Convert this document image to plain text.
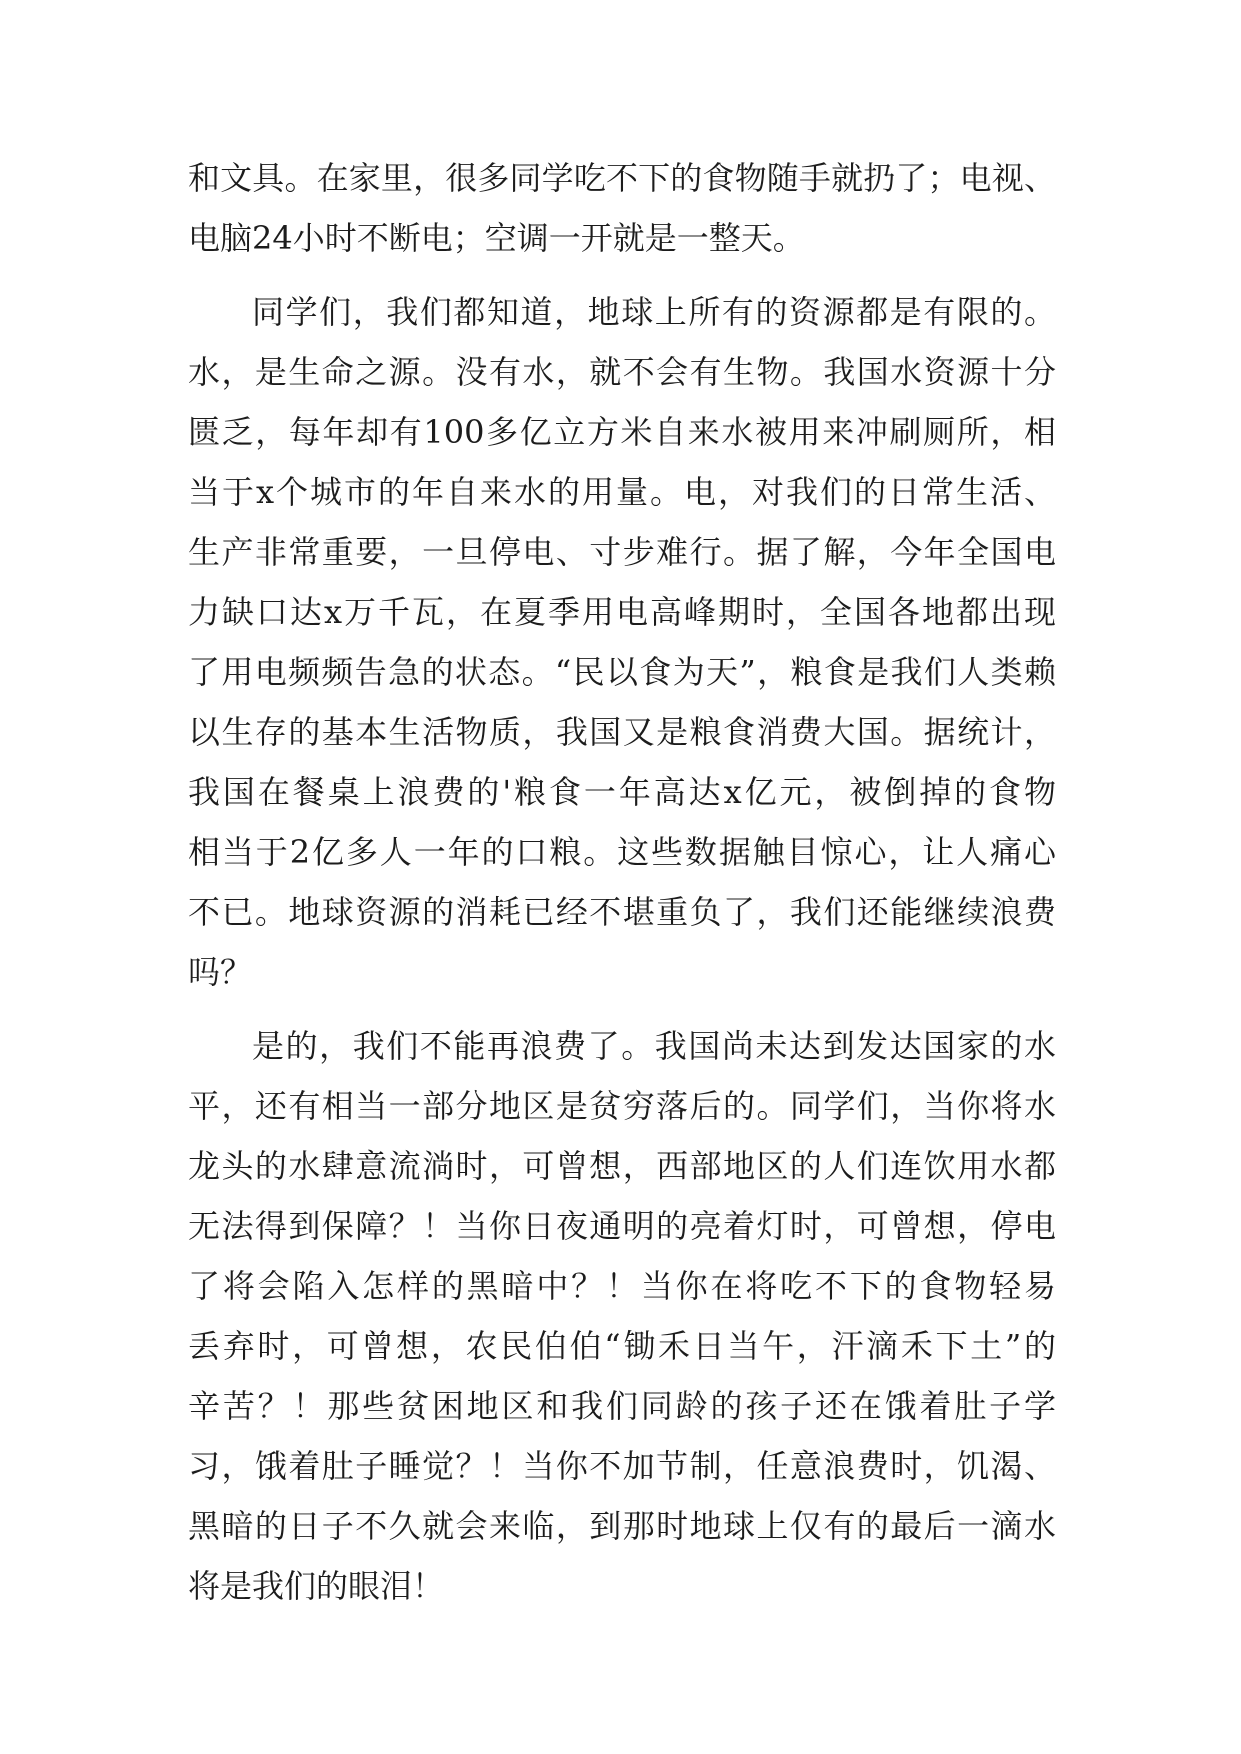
和文具。在家里，很多同学吃不下的食物随手就扔了；电视、
电脑24小时不断电；空调一开就是一整天。
同学们，我们都知道，地球上所有的资源都是有限的。
水，是生命之源。没有水，就不会有生物。我国水资源十分
匮乏，每年却有100多亿立方米自来水被用来冲刷厕所，相
当于x个城市的年自来水的用量。电，对我们的日常生活、
生产非常重要，一旦停电、寸步难行。据了解，今年全国电
力缺口达x万千瓦，在夏季用电高峰期时，全国各地都出现
了用电频频告急的状态。“民以食为天”，粮食是我们人类赖
以生存的基本生活物质，我国又是粮食消费大国。据统计，
我国在餐桌上浪费的'粮食一年高达x亿元，被倒掉的食物
相当于2亿多人一年的口粮。这些数据触目惊心，让人痛心
不已。地球资源的消耗已经不堪重负了，我们还能继续浪费
吗？
是的，我们不能再浪费了。我国尚未达到发达国家的水
平，还有相当一部分地区是贫穷落后的。同学们，当你将水
龙头的水肆意流淌时，可曾想，西部地区的人们连饮用水都
无法得到保障？！当你日夜通明的亮着灯时，可曾想，停电
了将会陷入怎样的黑暗中？！当你在将吃不下的食物轻易
丢弃时，可曾想，农民伯伯“锄禾日当午，汗滴禾下土”的
辛苦？！那些贫困地区和我们同龄的孩子还在饿着肚子学
习，饿着肚子睡觉？！当你不加节制，任意浪费时，饥渴、
黑暗的日子不久就会来临，到那时地球上仅有的最后一滴水
将是我们的眼泪！
